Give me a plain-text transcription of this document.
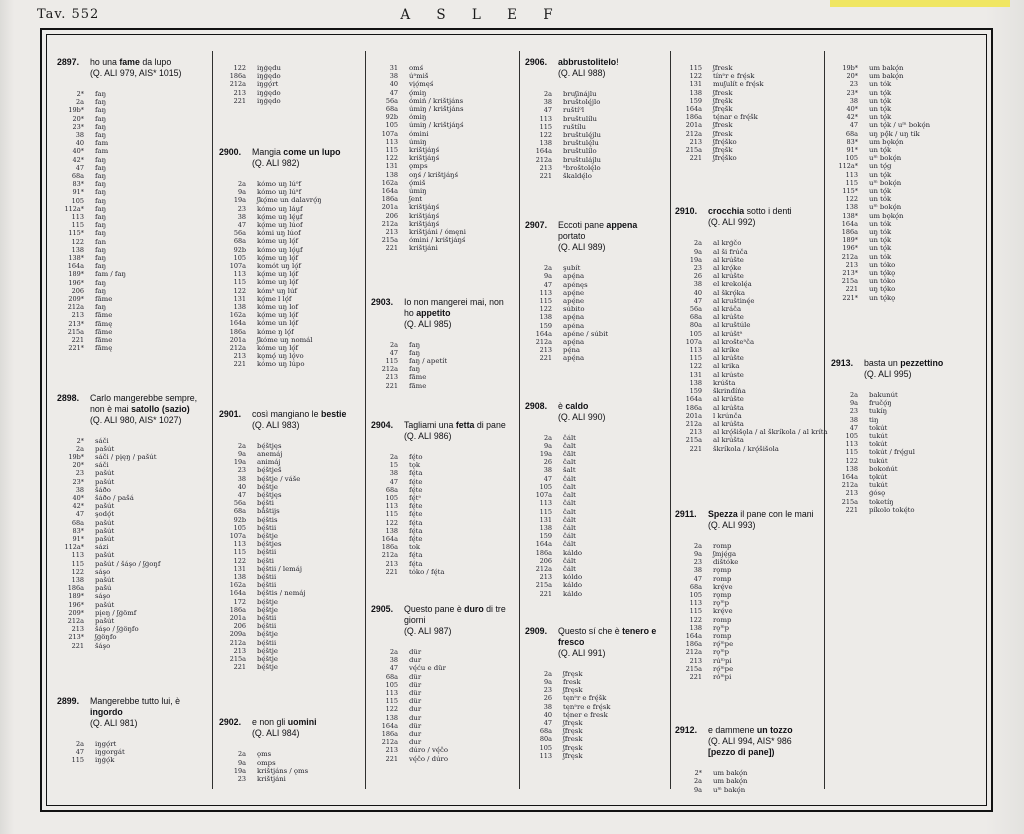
Tav. 552	A S L E F
2897.	ho una fame da lupo
(Q. ALI 979, AIS* 1015)
2*	faŋ
2a	faŋ
19b*	faŋ
20*	faŋ
23*	faŋ
38	faŋ
40	fam
40*	fam
42*	faŋ
47	faŋ
68a	faŋ
83*	faŋ
91*	faŋ
105	faŋ
112a*	faŋ
113	faŋ
115	faŋ
115*	faŋ
122	fan
138	faŋ
138*	faŋ
164a	faŋ
189*	fam / faŋ
196*	faŋ
206	faŋ
209*	fãme
212a	faŋ
213	fãme
213*	fãmę
215a	fãme
221	fãme
221*	fãmę
2898.	Carlo mangerebbe sempre, non è mai satollo (sazio)
(Q. ALI 980, AIS* 1027)
2*	sáči
2a	pašút
19b*	sáči / pįęŋ / pašút
20*	sáči
23	pašút
23*	pašút
38	šáðo
40*	šáðo / pašá
42*	pašút
47	şodǫ́t
68a	pašút
83*	pašút
91*	pašút
112a*	sázi
113	pašút
115	pašút / šáşo / ʃģoŋf
122	sáşo
138	pašút
186a	pašú
189*	sáşo
196*	pašút
209*	pįeŋ / ʃģömf
212a	pašút
213	šáşo / ʃģöŋfo
213*	ʃģöŋfo
221	šáşo
2899.	Mangerebbe tutto lui, è ingordo
(Q. ALI 981)
2a	iŋgǫ́rt
47	iŋgorgát
115	iŋģǫ́k
122	iŋģędu
186a	iŋģędo
212a	iŋgǫ́rt
213	iŋģędo
221	iŋģędo
2900.	Mangia come un lupo
(Q. ALI 982)
2a	kómo uŋ lúᵒf
9a	kómo uŋ lúᵃf
19a	ʃkǫ́me un dalavrǫ́ŋ
23	kómo uŋ láu̯f
38	kǫ́me uŋ lę́u̯f
47	kǫ́me uŋ lúof
56a	kómi uŋ lúof
68a	kóme uŋ lǫ́f
92b	kómo uŋ lǫ́u̯f
105	kǫ́me uŋ lǫ́f
107a	komót uŋ lǫ́f
113	kǫ́me uŋ lǫ́f
115	kóme uŋ lǫ́f
122	kómᵃ uŋ lúf
131	kǫ́me l lǫ́f
138	kóme uŋ lof
162a	kǫ́me uŋ lǫ́f
164a	kóme un lǫ́f
186a	kóme ŋ lǫ́f
201a	ʃkóme uŋ nomál
212a	kóme uŋ lǫ́f
213	kǫmǫ́ uŋ lǫ́vo
221	kómo uŋ lúpo
2901.	così mangiano le bestie
(Q. ALI 983)
2a	bę́štjęs
9a	anemáj
19a	animáj
23	bę́štješ
38	bę́štje / váše
40	bę́štje
47	bę́štjęs
56a	bę́šti
68a	bǻštijs
92b	bę́štis
105	bę́štii
107a	bę́štje
113	bę́štjes
115	bę́štii
122	bę́šti
131	bę́štii / lemáj
138	bę́štii
162a	bę́štii
164a	bę́štis / nemáj
172	bę́štje
186a	bę́štje
201a	bę́štii
206	bę́štii
209a	bę́štje
212a	bę́štii
213	bę́štje
215a	bę́štje
221	bę́štje
2902.	e non gli uomini
(Q. ALI 984)
2a	ǫms
9a	omps
19a	krištjáns / ǫms
23	krištjáni
31	omś
38	úᵃmiš
40	vįǫ́męś
47	ǫ́miŋ
56a	ómiń / krištjáns
68a	úmiŋ / krištjáns
92b	ómiŋ
105	úmiŋ / krištjáŋś
107a	ómini
113	úmiŋ
115	krištjáŋś
122	krištjáŋś
131	ǫmps
138	oŋś / krištjáŋś
162a	ǫ́miš
164a	úmiŋ
186a	ʃent
201a	krištjáŋś
206	krištjáŋś
212a	krištjáŋś
213	krištjáni / ómęni
215a	ómini / krištjáŋś
221	krištjáni
2903.	Io non mangerei mai, non ho appetito
(Q. ALI 985)
2a	faŋ
47	faŋ
115	faŋ / apetít
212a	faŋ
213	fãme
221	fãme
2904.	Tagliami una fetta di pane
(Q. ALI 986)
2a	fę́to
15	tǫk
38	fę́ta
47	fę́te
68a	fę́te
105	fę́tᵃ
113	fę́te
115	fę́te
122	fę́ta
138	fę́ta
164a	fę́te
186a	tok
212a	fę́ta
213	fę́ta
221	tóko / fę́ta
2905.	Questo pane è duro di tre giorni
(Q. ALI 987)
2a	dür
38	dur
47	vę́ću e dür
68a	dür
105	dür
113	dür
115	dür
122	dur
138	dur
164a	dür
186a	dur
212a	dur
213	dúro / vę́čo
221	vę́čo / dúro
2906.	abbrustolitelo!
(Q. ALI 988)
2a	bruʃinájlu
38	bruštolę́jlo
47	ruštíᵒl
113	bruštulílu
115	ruštílu
122	bruštulę́jlu
138	bruštulę́lu
164a	bruštulílo
212a	bruštulájlu
213	ᵃbroštolę́lo
221	škaldę́lo
2907.	Eccoti pane appena portato
(Q. ALI 989)
2a	şubít
9a	apę́na
47	apénęs
113	apę́ne
115	apę́ne
122	súbito
138	apę́na
159	apéna
164a	apéne / súbit
212a	apę́na
213	pę́na
221	apę́na
2908.	è caldo
(Q. ALI 990)
2a	čált
9a	čalt
19a	čãlt
26	čalt
38	šalt
47	čált
105	čalt
107a	čalt
113	čált
115	čalt
131	čált
138	čált
159	čált
164a	čált
186a	káldo
206	čált
212a	čált
213	kóldo
215a	káldo
221	káldo
2909.	Questo sí che è tenero e fresco
(Q. ALI 991)
2a	ʃfręsk
9a	fresk
23	ʃfręsk
26	tęnᵃr e frę́šk
38	tęnᵃre e frę́sk
40	tę́ner e fresk
47	ʃfręsk
68a	ʃfręsk
80a	ʃfresk
105	ʃfręsk
113	ʃfręsk
115	ʃfresk
122	tínᵃr e frę́sk
131	muʃulít e frę́sk
138	ʃfresk
159	ʃfręšk
164a	ʃfręšk
186a	tę́nar e frę́šk
201a	ʃfresk
212a	ʃfresk
213	ʃfrę́ško
215a	ʃfręšk
221	ʃfrę́ško
2910.	crocchia sotto i denti
(Q. ALI 992)
2a	al krģčo
9a	al ši frúča
19a	al krúšte
23	al krǫ́ke
26	al krúšte
38	el krekolę́a
40	al škrǫ́ka
47	al kruštinę́e
56a	al kráča
68a	al krúšte
80a	al kruštúle
105	al krúštᵃ
107a	al krošteᵃča
113	al kríke
115	al krúšte
122	al krika
131	al krúste
138	krúšta
159	škrinđíńa
164a	al krúšte
186a	al krúšta
201a	l krúnča
212a	al krúšta
213	al krǫ́šišǫla / al škríkola / al kríta
215a	al krúšta
221	škríkola / krǫ́šišola
2911.	Spezza il pane con le mani
(Q. ALI 993)
2a	romp
9a	ʃmję́ga
23	dištóke
38	rǫmp
47	romp
68a	krę́ve
105	rǫmp
113	rǫᵐp
115	krę́ve
122	romp
138	rǫᵐp
164a	romp
186a	rǫ́ᵐpe
212a	rǫᵐp
213	rúᵐpi
215a	rǫ́ᵐpe
221	róᵐpi
2912.	e dammene un tozzo
(Q. ALI 994, AIS* 986
[pezzo di pane])
2*	um bakǫ́n
2a	um bakǫ́n
9a	uᵐ bakǫ́n
19b*	um bakǫ́n
20*	um bakǫ́n
23	un tók
23*	un tǫ́k
38	un tǫ́k
40*	un tǫ́k
42*	un tǫ́k
47	un tǫ́k / uᵐ bokǫ́n
68a	uŋ pǫ̂k / uŋ tik
83*	um bǫkǫ́n
91*	un tǫ́k
105	uᵐ bokǫ́n
112a*	un tǫ́g
113	un tǫ́k
115	uᵐ bokǫ́n
115*	un tǫ́k
122	un tók
138	uᵐ bokǫ́n
138*	um bǫkǫ́n
164a	un tók
186a	uŋ tók
189*	un tǫ́k
196*	un tǫ́k
212a	un tók
213	un tóko
213*	un tǫ́kǫ
215a	un tóko
221	uŋ tǫ́ko
221*	un tǫ́kǫ
2913.	basta un pezzettino
(Q. ALI 995)
2a	bakunút
9a	fručǫ́ŋ
23	tukíŋ
38	tiŋ
47	tokút
105	tukút
113	tokút
115	tokút / frę́gul
122	tukút
138	bokońút
164a	tǫkút
212a	tukút
213	ģósǫ
215a	toketíŋ
221	píkolo tokę́to
